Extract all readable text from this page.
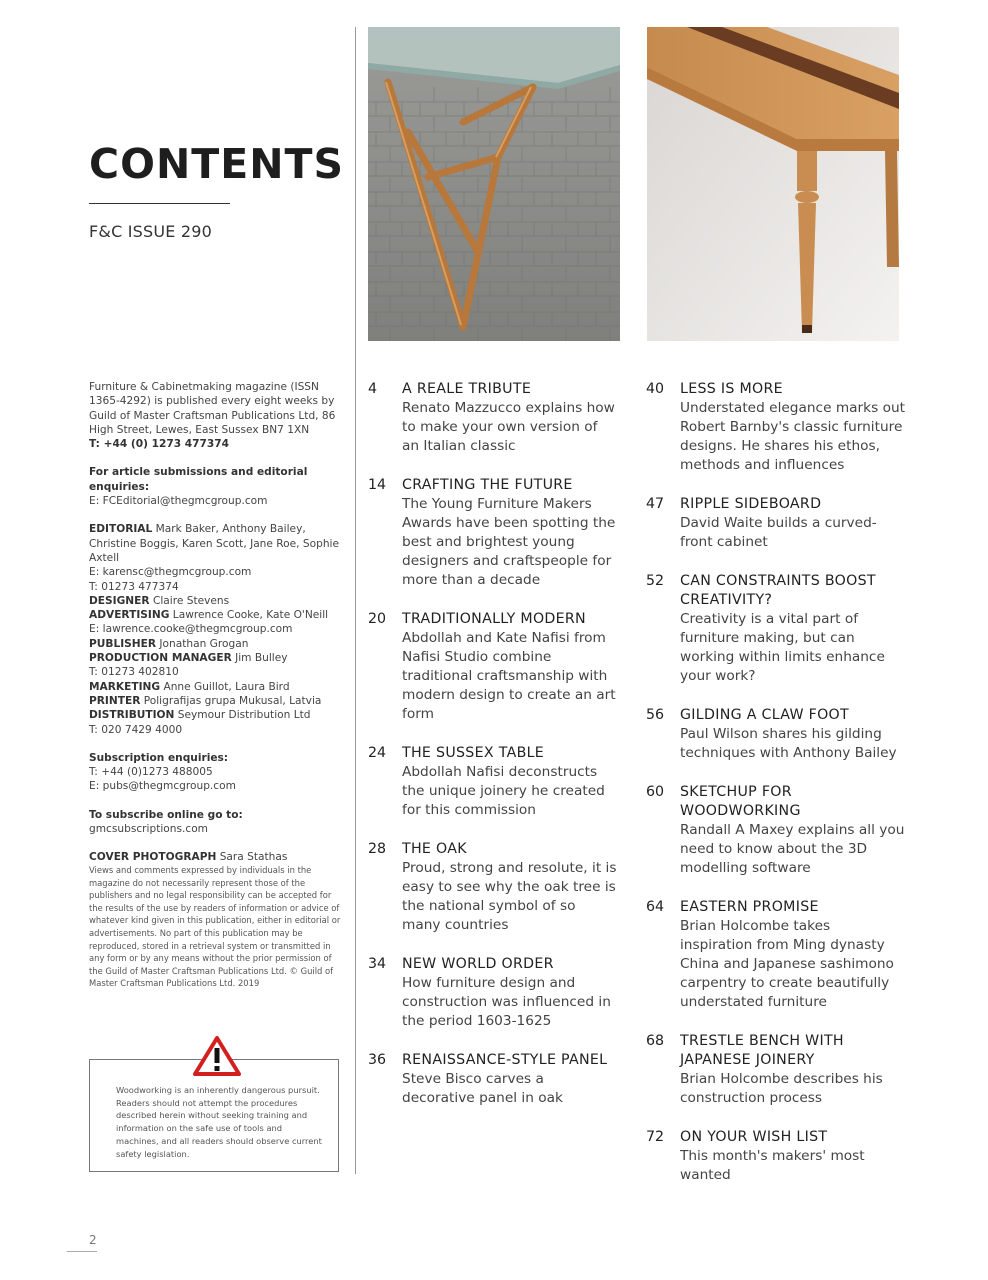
CONTENTS
F&C ISSUE 290

Furniture & Cabinetmaking magazine (ISSN 1365-4292) is published every eight weeks by Guild of Master Craftsman Publications Ltd, 86 High Street, Lewes, East Sussex BN7 1XN

T: +44 (0) 1273 477374

For article submissions and editorial enquiries:

E: FCEditorial@thegmcgroup.com

EDITORIAL Mark Baker, Anthony Bailey, Christine Boggis, Karen Scott, Jane Roe, Sophie Axtell

E: karensc@thegmcgroup.com

T: 01273 477374

DESIGNER Claire Stevens

ADVERTISING Lawrence Cooke, Kate O'Neill

E: lawrence.cooke@thegmcgroup.com

PUBLISHER Jonathan Grogan

PRODUCTION MANAGER Jim Bulley

T: 01273 402810

MARKETING Anne Guillot, Laura Bird

PRINTER Poligrafijas grupa Mukusal, Latvia

DISTRIBUTION Seymour Distribution Ltd

T: 020 7429 4000

Subscription enquiries:

T: +44 (0)1273 488005

E: pubs@thegmcgroup.com

To subscribe online go to:

gmcsubscriptions.com

COVER PHOTOGRAPH Sara Stathas

Views and comments expressed by individuals in the magazine do not necessarily represent those of the publishers and no legal responsibility can be accepted for the results of the use by readers of information or advice of whatever kind given in this publication, either in editorial or advertisements. No part of this publication may be reproduced, stored in a retrieval system or transmitted in any form or by any means without the prior permission of the Guild of Master Craftsman Publications Ltd. © Guild of Master Craftsman Publications Ltd. 2019
Woodworking is an inherently dangerous pursuit. Readers should not attempt the procedures described herein without seeking training and information on the safe use of tools and machines, and all readers should observe current safety legislation.
4 A REALE TRIBUTE
Renato Mazzucco explains how to make your own version of an Italian classic
14 CRAFTING THE FUTURE
The Young Furniture Makers Awards have been spotting the best and brightest young designers and craftspeople for more than a decade
20 TRADITIONALLY MODERN
Abdollah and Kate Nafisi from Nafisi Studio combine traditional craftsmanship with modern design to create an art form
24 THE SUSSEX TABLE
Abdollah Nafisi deconstructs the unique joinery he created for this commission
28 THE OAK
Proud, strong and resolute, it is easy to see why the oak tree is the national symbol of so many countries
34 NEW WORLD ORDER
How furniture design and construction was influenced in the period 1603-1625
36 RENAISSANCE-STYLE PANEL
Steve Bisco carves a decorative panel in oak
40 LESS IS MORE
Understated elegance marks out Robert Barnby's classic furniture designs. He shares his ethos, methods and influences
47 RIPPLE SIDEBOARD
David Waite builds a curved-front cabinet
52 CAN CONSTRAINTS BOOST CREATIVITY?
Creativity is a vital part of furniture making, but can working within limits enhance your work?
56 GILDING A CLAW FOOT
Paul Wilson shares his gilding techniques with Anthony Bailey
60 SKETCHUP FOR WOODWORKING
Randall A Maxey explains all you need to know about the 3D modelling software
64 EASTERN PROMISE
Brian Holcombe takes inspiration from Ming dynasty China and Japanese sashimono carpentry to create beautifully understated furniture
68 TRESTLE BENCH WITH JAPANESE JOINERY
Brian Holcombe describes his construction process
72 ON YOUR WISH LIST
This month's makers' most wanted
2
